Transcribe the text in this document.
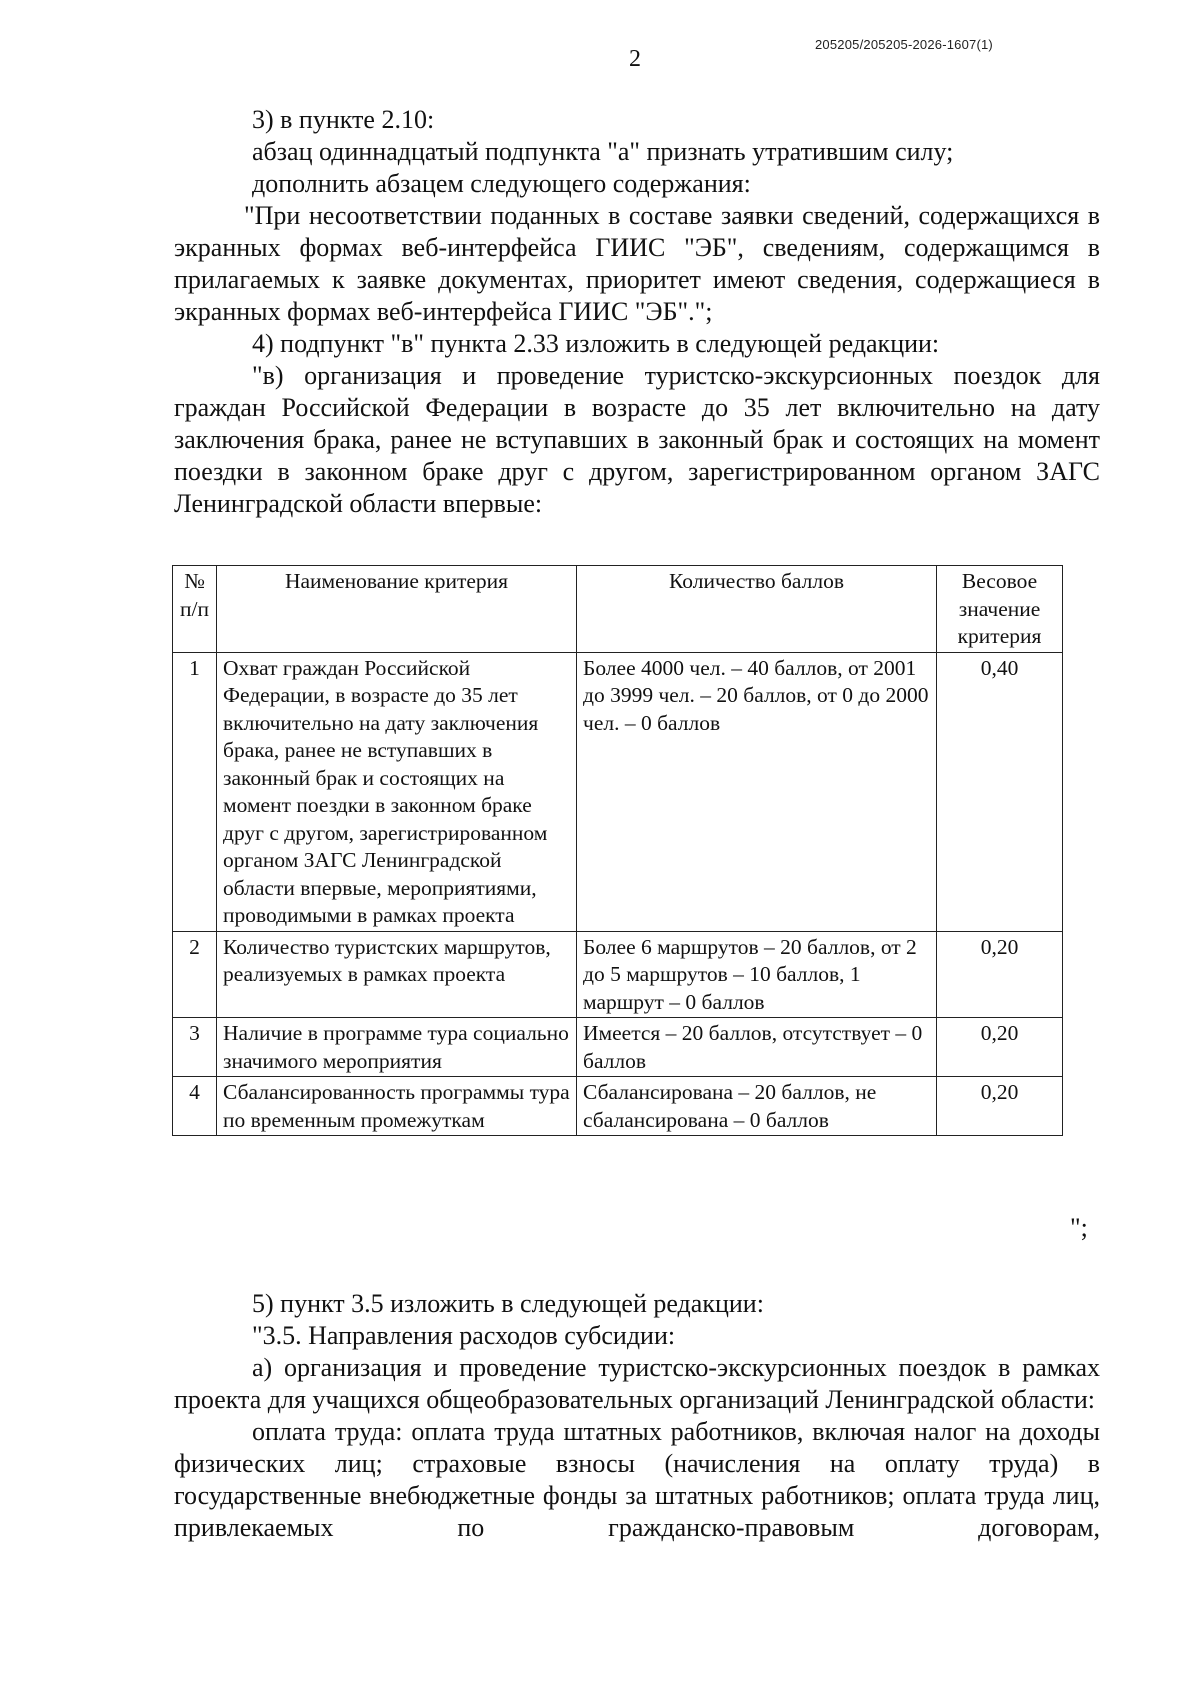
205205/205205-2026-1607(1)
2

3) в пункте 2.10:

абзац одиннадцатый подпункта "а" признать утратившим силу;

дополнить абзацем следующего содержания:

"При несоответствии поданных в составе заявки сведений, содержащихся в экранных формах веб-интерфейса ГИИС "ЭБ", сведениям, содержащимся в прилагаемых к заявке документах, приоритет имеют сведения, содержащиеся в экранных формах веб-интерфейса ГИИС "ЭБ".";

4) подпункт "в" пункта 2.33 изложить в следующей редакции:

"в) организация и проведение туристско-экскурсионных поездок для граждан Российской Федерации в возрасте до 35 лет включительно на дату заключения брака, ранее не вступавших в законный брак и состоящих на момент поездки в законном браке друг с другом, зарегистрированном органом ЗАГС Ленинградской области впервые:

№ п/п	Наименование критерия	Количество баллов	Весовое значение критерия
1	Охват граждан Российской Федерации, в возрасте до 35 лет включительно на дату заключения брака, ранее не вступавших в законный брак и состоящих на момент поездки в законном браке друг с другом, зарегистрированном органом ЗАГС Ленинградской области впервые, мероприятиями, проводимыми в рамках проекта	Более 4000 чел. – 40 баллов, от 2001 до 3999 чел. – 20 баллов, от 0 до 2000 чел. – 0 баллов	0,40
2	Количество туристских маршрутов, реализуемых в рамках проекта	Более 6 маршрутов – 20 баллов, от 2 до 5 маршрутов – 10 баллов, 1 маршрут – 0 баллов	0,20
3	Наличие в программе тура социально значимого мероприятия	Имеется – 20 баллов, отсутствует – 0 баллов	0,20
4	Сбалансированность программы тура по временным промежуткам	Сбалансирована – 20 баллов, не сбалансирована – 0 баллов	0,20
";

5) пункт 3.5 изложить в следующей редакции:

"3.5. Направления расходов субсидии:

а) организация и проведение туристско-экскурсионных поездок в рамках проекта для учащихся общеобразовательных организаций Ленинградской области:

оплата труда: оплата труда штатных работников, включая налог на доходы физических лиц; страховые взносы (начисления на оплату труда) в государственные внебюджетные фонды за штатных работников; оплата труда лиц, привлекаемых по гражданско-правовым договорам,
